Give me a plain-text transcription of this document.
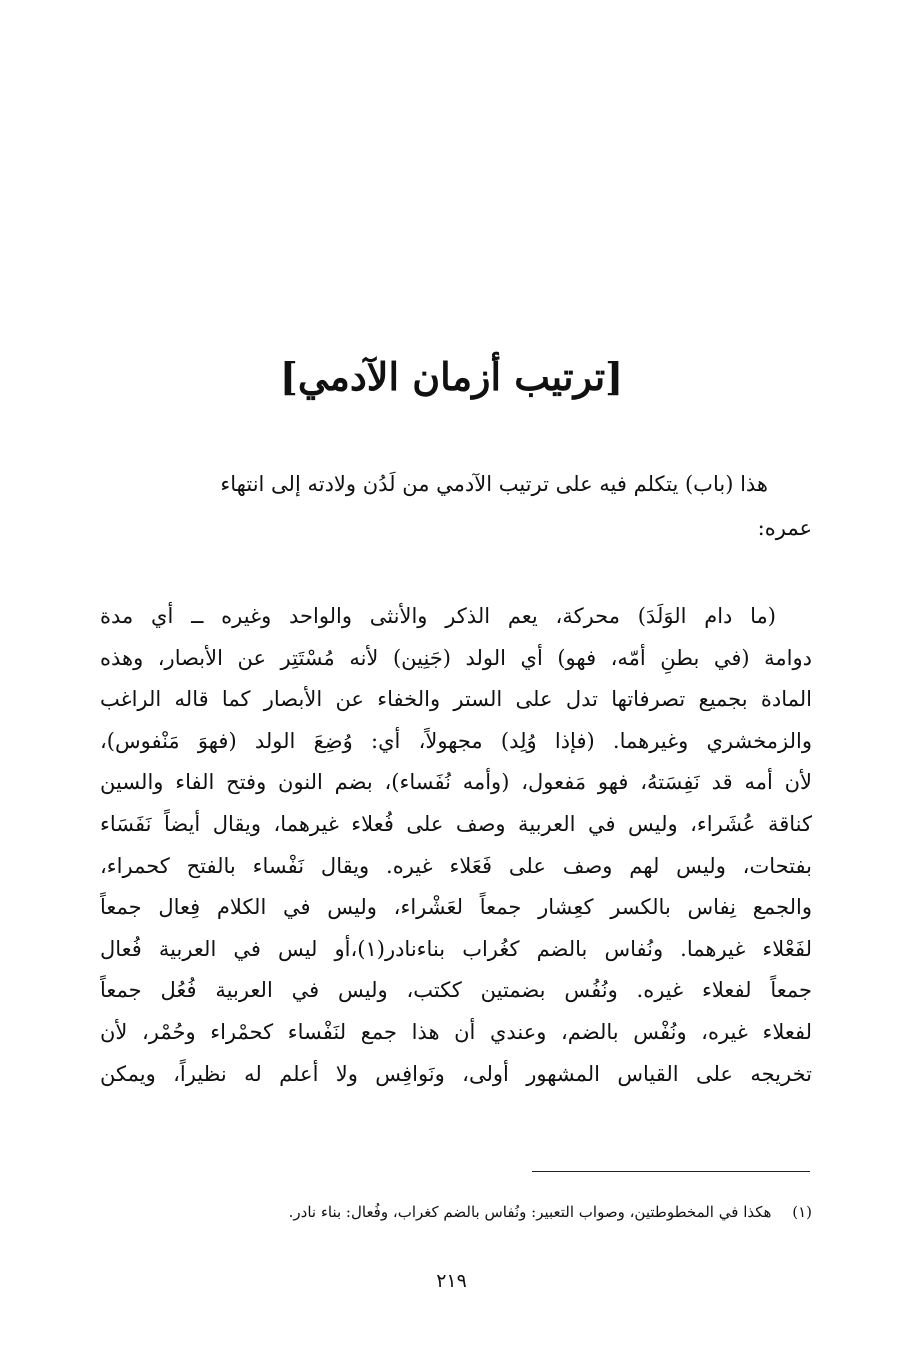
[ترتيب أزمان الآدمي]
هذا (باب) يتكلم فيه على ترتيب الآدمي من لَدُن ولادته إلى انتهاء
عمره:
(ما دام الوَلَدَ) محركة، يعم الذكر والأنثى والواحد وغيره ــ أي مدة
دوامة (في بطنِ أمّه، فهو) أي الولد (جَنِين) لأنه مُسْتَتِر عن الأبصار، وهذه
المادة بجميع تصرفاتها تدل على الستر والخفاء عن الأبصار كما قاله الراغب
والزمخشري وغيرهما. (فإذا وُلِد) مجهولاً، أي: وُضِعَ الولد (فهوَ مَنْفوس)،
لأن أمه قد نَفِسَتهُ، فهو مَفعول، (وأمه نُفَساء)، بضم النون وفتح الفاء والسين
كناقة عُشَراء، وليس في العربية وصف على فُعلاء غيرهما، ويقال أيضاً نَفَسَاء
بفتحات، وليس لهم وصف على فَعَلاء غيره. ويقال نَفْساء بالفتح كحمراء،
والجمع نِفاس بالكسر كعِشار جمعاً لعَشْراء، وليس في الكلام فِعال جمعاً
لفَعْلاء غيرهما. ونُفاس بالضم كغُراب بناءنادر(١)،أو ليس في العربية فُعال
جمعاً لفعلاء غيره. ونُفُس بضمتين ككتب، وليس في العربية فُعُل جمعاً
لفعلاء غيره، ونُفْس بالضم، وعندي أن هذا جمع لنَفْساء كحمْراء وحُمْر، لأن
تخريجه على القياس المشهور أولى، ونَوافِس ولا أعلم له نظيراً، ويمكن
(١) هكذا في المخطوطتين، وصواب التعبير: ونُفاس بالضم كغراب، وفُعال: بناء نادر.
٢١٩
